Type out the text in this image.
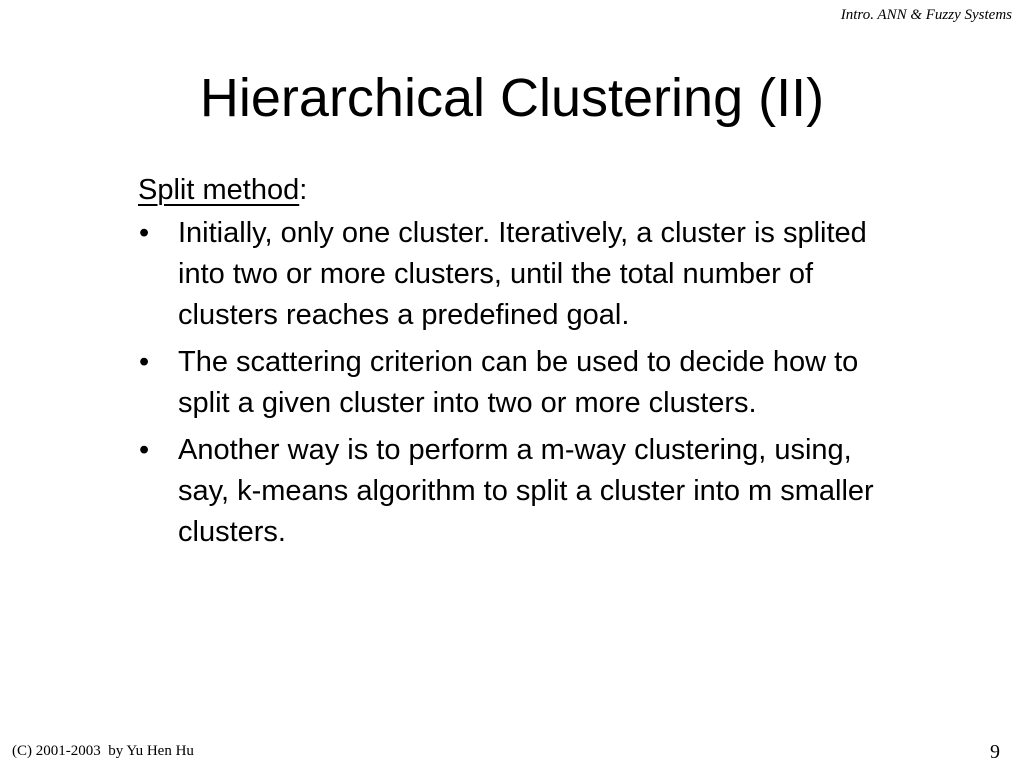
Intro. ANN & Fuzzy Systems
Hierarchical Clustering (II)
Split method:
• Initially, only one cluster. Iteratively, a cluster is splited into two or more clusters, until the total number of clusters reaches a predefined goal.
• The scattering criterion can be used to decide how to split a given cluster into two or more clusters.
• Another way is to perform a m-way clustering, using, say, k-means algorithm to split a cluster into m smaller clusters.
(C) 2001-2003  by Yu Hen Hu	9
